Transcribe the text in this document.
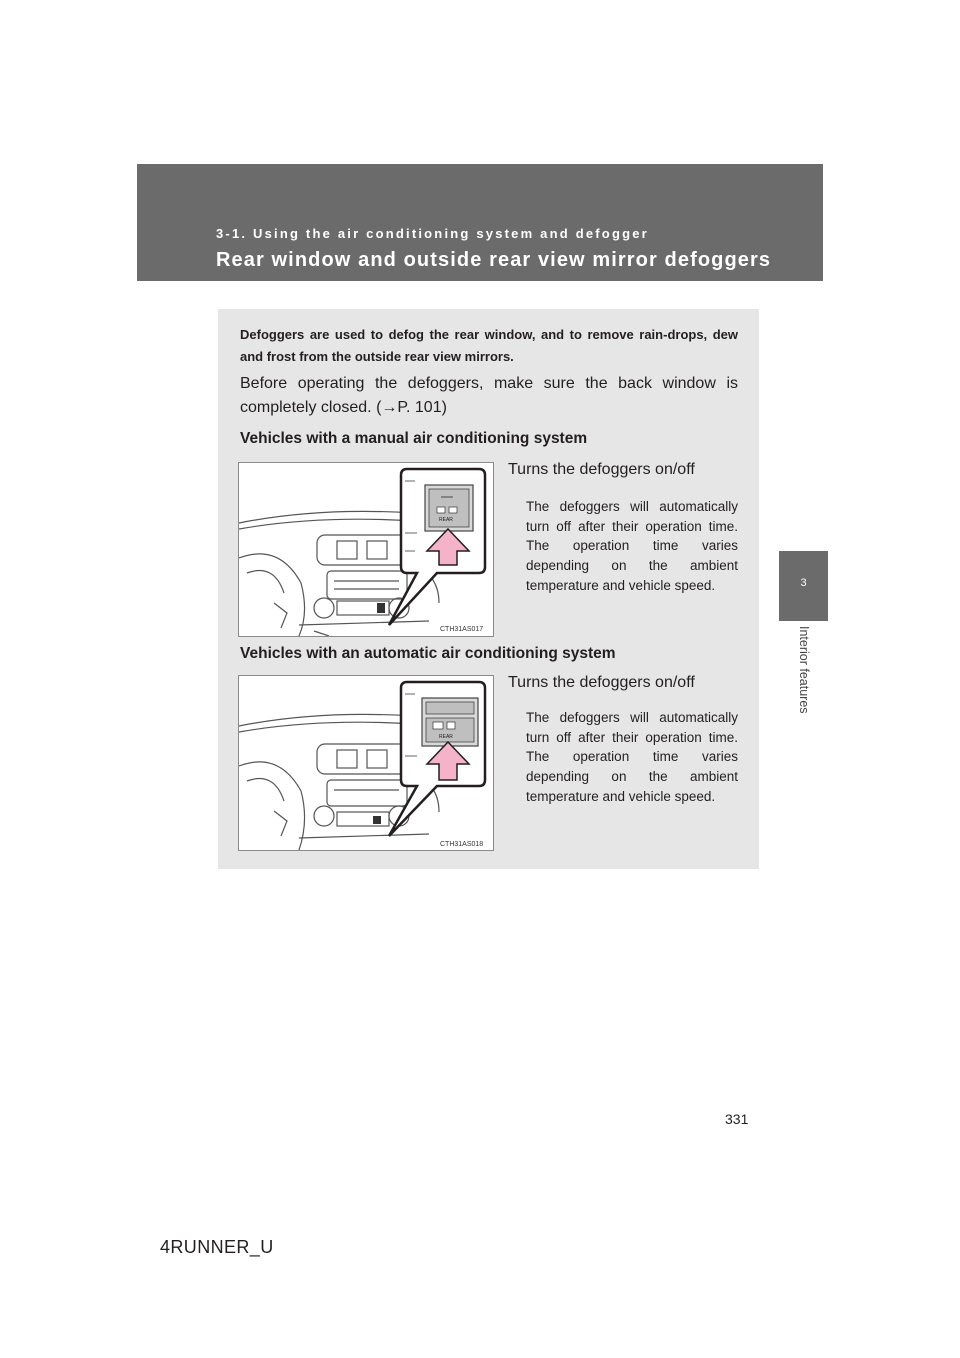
3-1. Using the air conditioning system and defogger
Rear window and outside rear view mirror defoggers
3
Interior features
Defoggers are used to defog the rear window, and to remove rain-drops, dew and frost from the outside rear view mirrors.
Before operating the defoggers, make sure the back window is completely closed. (→P. 101)
Vehicles with a manual air conditioning system
Turns the defoggers on/off
The defoggers will automatically turn off after their operation time. The operation time varies depending on the ambient temperature and vehicle speed.
REAR
CTH31AS017
Vehicles with an automatic air conditioning system
Turns the defoggers on/off
The defoggers will automatically turn off after their operation time. The operation time varies depending on the ambient temperature and vehicle speed.
REAR
CTH31AS018
331
4RUNNER_U
